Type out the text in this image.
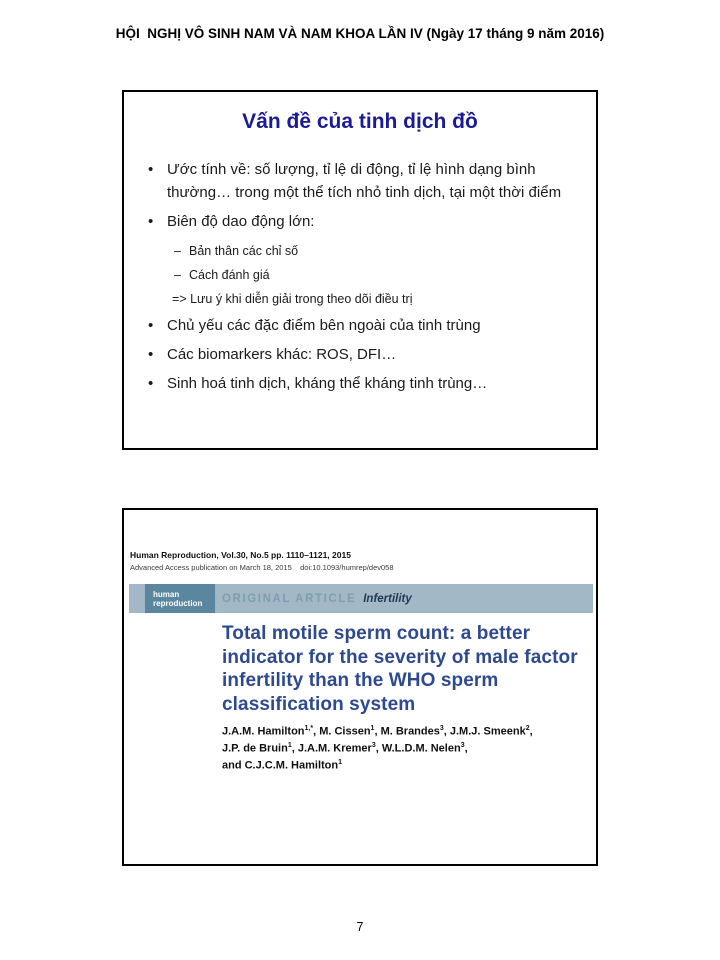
HỘI  NGHỊ VÔ SINH NAM VÀ NAM KHOA LẦN IV (Ngày 17 tháng 9 năm 2016)
Vấn đề của tinh dịch đồ
• Ước tính về: số lượng, tỉ lệ di động, tỉ lệ hình dạng bình thường… trong một thể tích nhỏ tinh dịch, tại một thời điểm
• Biên độ dao động lớn:
– Bản thân các chỉ số
– Cách đánh giá
=> Lưu ý khi diễn giải trong theo dõi điều trị
• Chủ yếu các đặc điểm bên ngoài của tinh trùng
• Các biomarkers khác: ROS, DFI…
• Sinh hoá tinh dịch, kháng thể kháng tinh trùng…
Human Reproduction, Vol.30, No.5 pp. 1110–1121, 2015
Advanced Access publication on March 18, 2015    doi:10.1093/humrep/dev058
human
reproduction	ORIGINAL ARTICLE Infertility
Total motile sperm count: a better
indicator for the severity of male factor
infertility than the WHO sperm
classification system
J.A.M. Hamilton$^{1,*}$, M. Cissen$^1$, M. Brandes$^3$, J.M.J. Smeenk$^2$,
J.P. de Bruin$^1$, J.A.M. Kremer$^3$, W.L.D.M. Nelen$^3$,
and C.J.C.M. Hamilton$^1$
7
